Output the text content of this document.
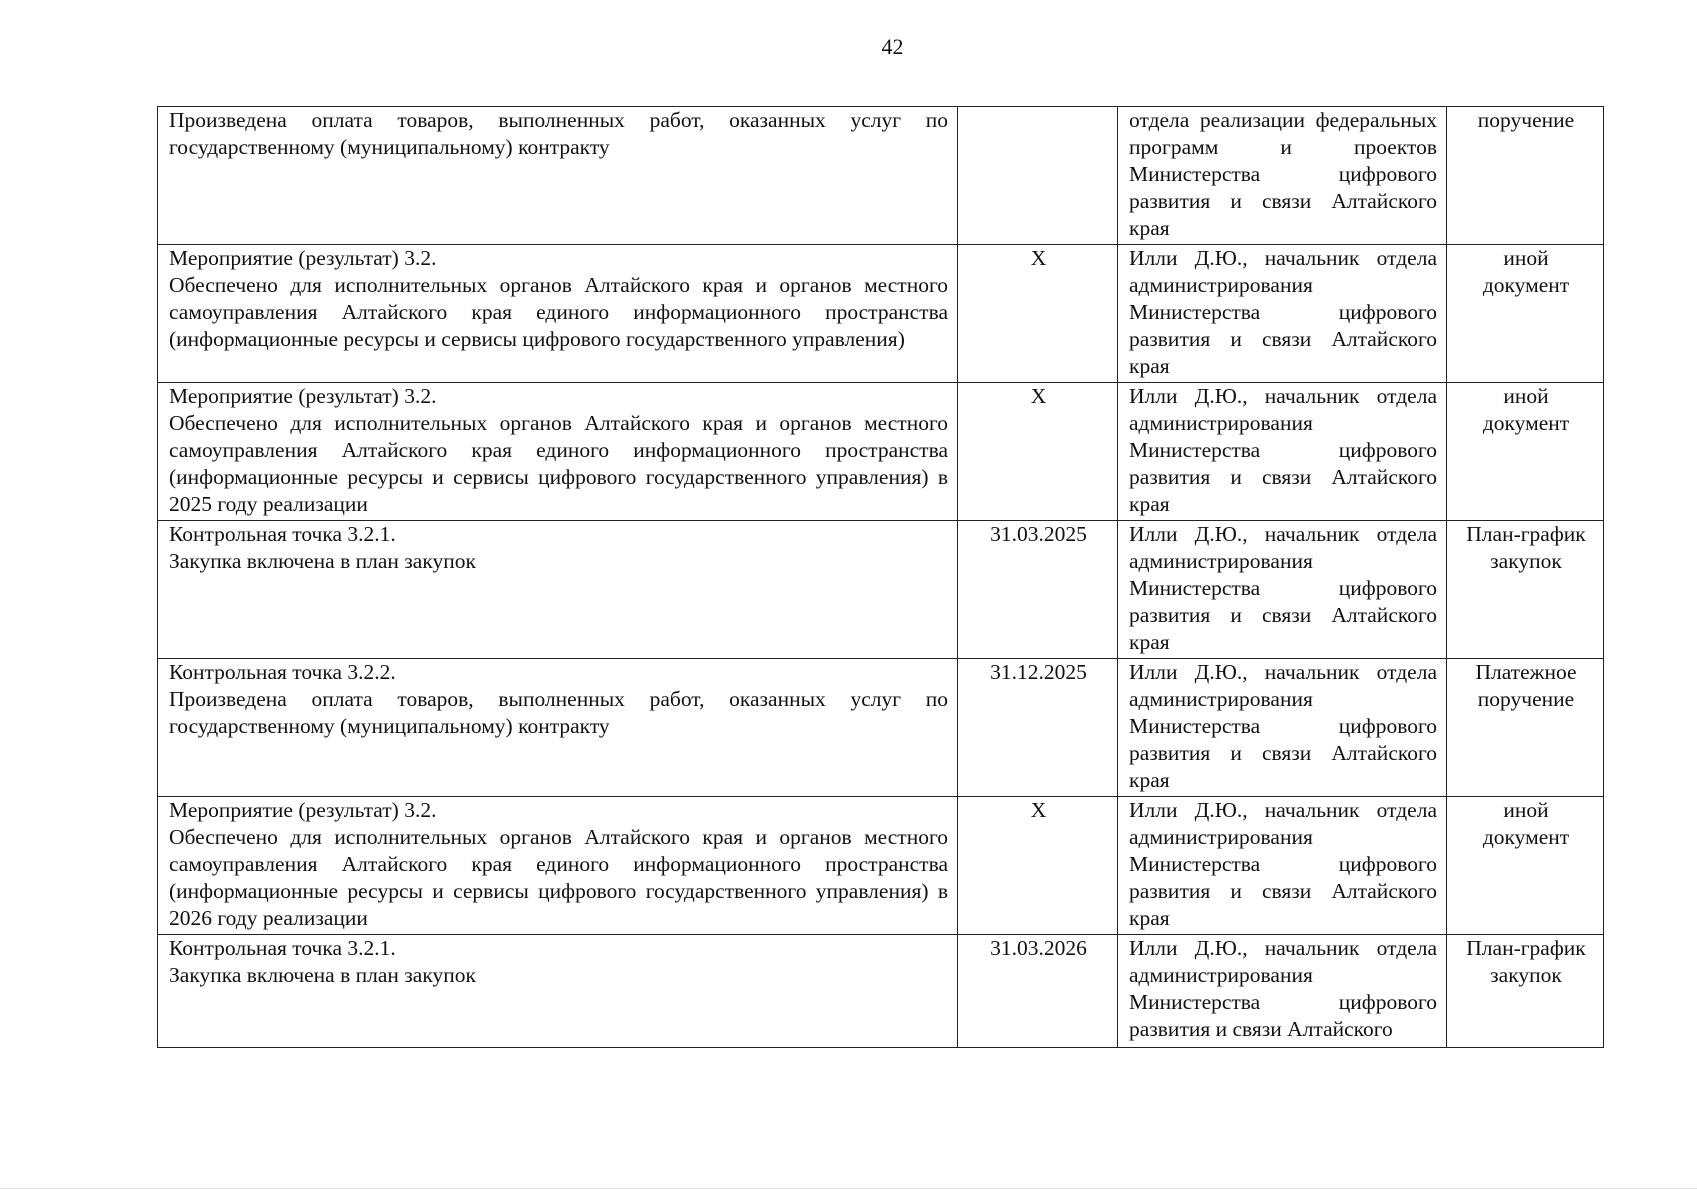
42
Произведена оплата товаров, выполненных работ, оказанных услуг по государственному (муниципальному) контракту		отдела реализации федеральных программ и проектов Министерства цифрового развития и связи Алтайского края	поручение

Мероприятие (результат) 3.2.
Обеспечено для исполнительных органов Алтайского края и органов местного самоуправления Алтайского края единого информационного пространства (информационные ресурсы и сервисы цифрового государственного управления)	X	Илли Д.Ю., начальник отдела администрирования Министерства цифрового развития и связи Алтайского края	иной документ

Мероприятие (результат) 3.2.
Обеспечено для исполнительных органов Алтайского края и органов местного самоуправления Алтайского края единого информационного пространства (информационные ресурсы и сервисы цифрового государственного управления) в 2025 году реализации	X	Илли Д.Ю., начальник отдела администрирования Министерства цифрового развития и связи Алтайского края	иной документ

Контрольная точка 3.2.1.
Закупка включена в план закупок	31.03.2025	Илли Д.Ю., начальник отдела администрирования Министерства цифрового развития и связи Алтайского края	План-график закупок

Контрольная точка 3.2.2.
Произведена оплата товаров, выполненных работ, оказанных услуг по государственному (муниципальному) контракту	31.12.2025	Илли Д.Ю., начальник отдела администрирования Министерства цифрового развития и связи Алтайского края	Платежное поручение

Мероприятие (результат) 3.2.
Обеспечено для исполнительных органов Алтайского края и органов местного самоуправления Алтайского края единого информационного пространства (информационные ресурсы и сервисы цифрового государственного управления) в 2026 году реализации	X	Илли Д.Ю., начальник отдела администрирования Министерства цифрового развития и связи Алтайского края	иной документ

Контрольная точка 3.2.1.
Закупка включена в план закупок	31.03.2026	Илли Д.Ю., начальник отдела администрирования Министерства цифрового развития и связи Алтайского	План-график закупок
